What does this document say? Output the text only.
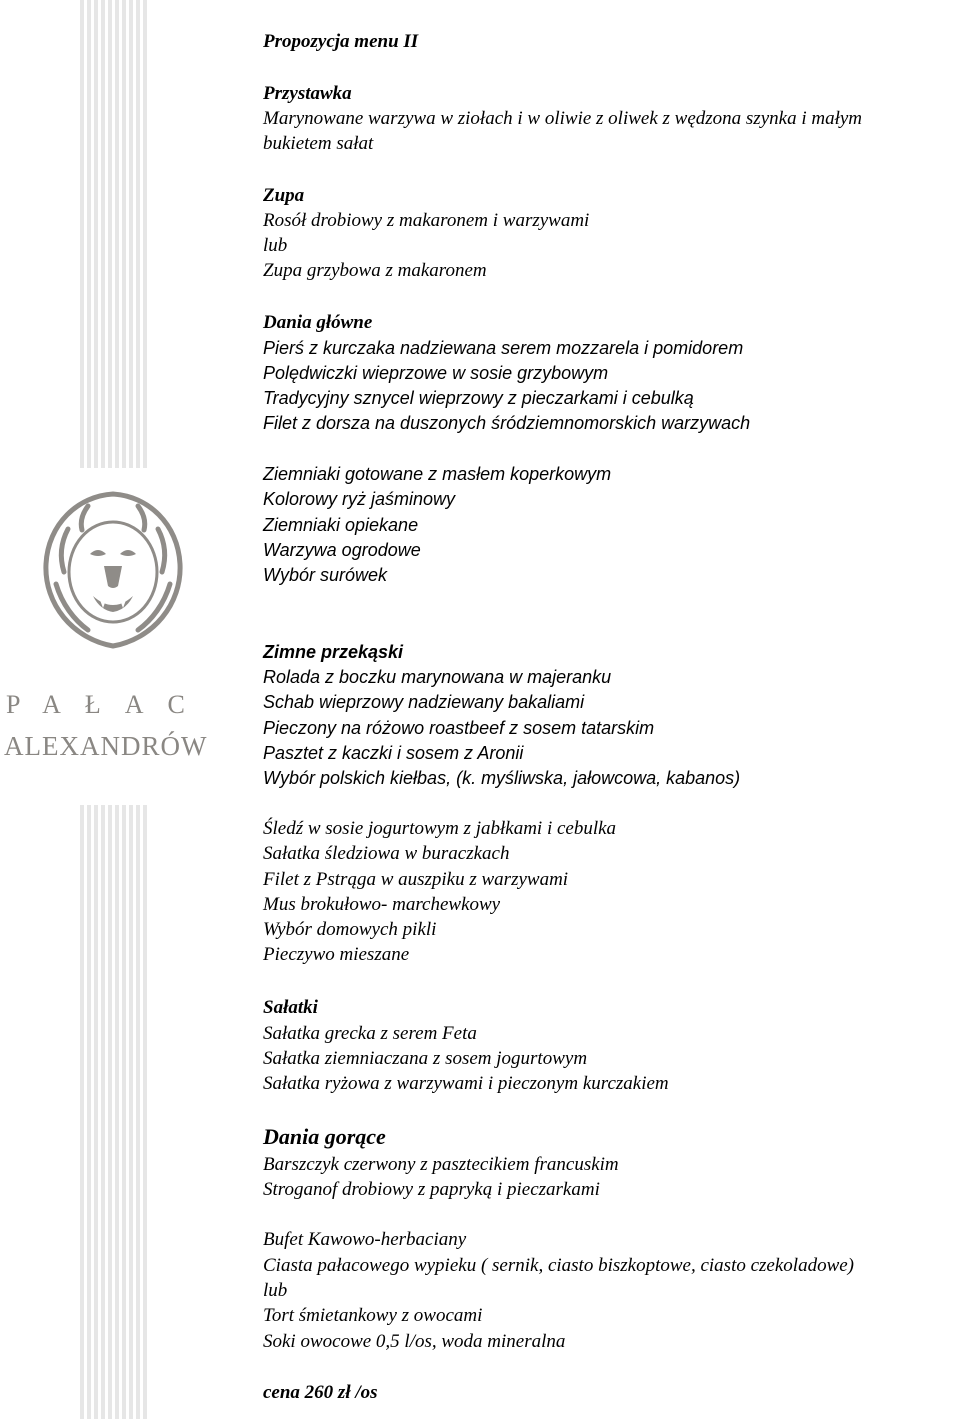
PAŁAC
ALEXANDRÓW
Propozycja menu II
Przystawka
Marynowane warzywa w ziołach i w oliwie z oliwek z wędzona szynka i małym
bukietem sałat
Zupa
Rosół drobiowy z makaronem i warzywami
lub
Zupa grzybowa z makaronem
Dania główne
Pierś z kurczaka nadziewana serem mozzarela i pomidorem
Polędwiczki wieprzowe w sosie grzybowym
Tradycyjny sznycel wieprzowy z pieczarkami i cebulką
Filet z dorsza na duszonych śródziemnomorskich warzywach
Ziemniaki gotowane z masłem koperkowym
Kolorowy ryż jaśminowy
Ziemniaki opiekane
Warzywa ogrodowe
Wybór surówek
Zimne przekąski
Rolada z boczku marynowana w majeranku
Schab wieprzowy nadziewany bakaliami
Pieczony na różowo roastbeef z sosem tatarskim
Pasztet z kaczki i sosem z Aronii
Wybór polskich kiełbas, (k. myśliwska, jałowcowa, kabanos)
Śledź w sosie jogurtowym z jabłkami i cebulka
Sałatka śledziowa w buraczkach
Filet z Pstrąga w auszpiku z warzywami
Mus brokułowo- marchewkowy
Wybór domowych pikli
Pieczywo mieszane
Sałatki
Sałatka grecka z serem Feta
Sałatka ziemniaczana z sosem jogurtowym
Sałatka ryżowa z warzywami i pieczonym kurczakiem
Dania gorące
Barszczyk czerwony z pasztecikiem francuskim
Stroganof drobiowy z papryką i pieczarkami
Bufet Kawowo-herbaciany
Ciasta pałacowego wypieku ( sernik, ciasto biszkoptowe, ciasto czekoladowe)
lub
Tort śmietankowy z owocami
Soki owocowe 0,5 l/os, woda mineralna
cena 260 zł /os
